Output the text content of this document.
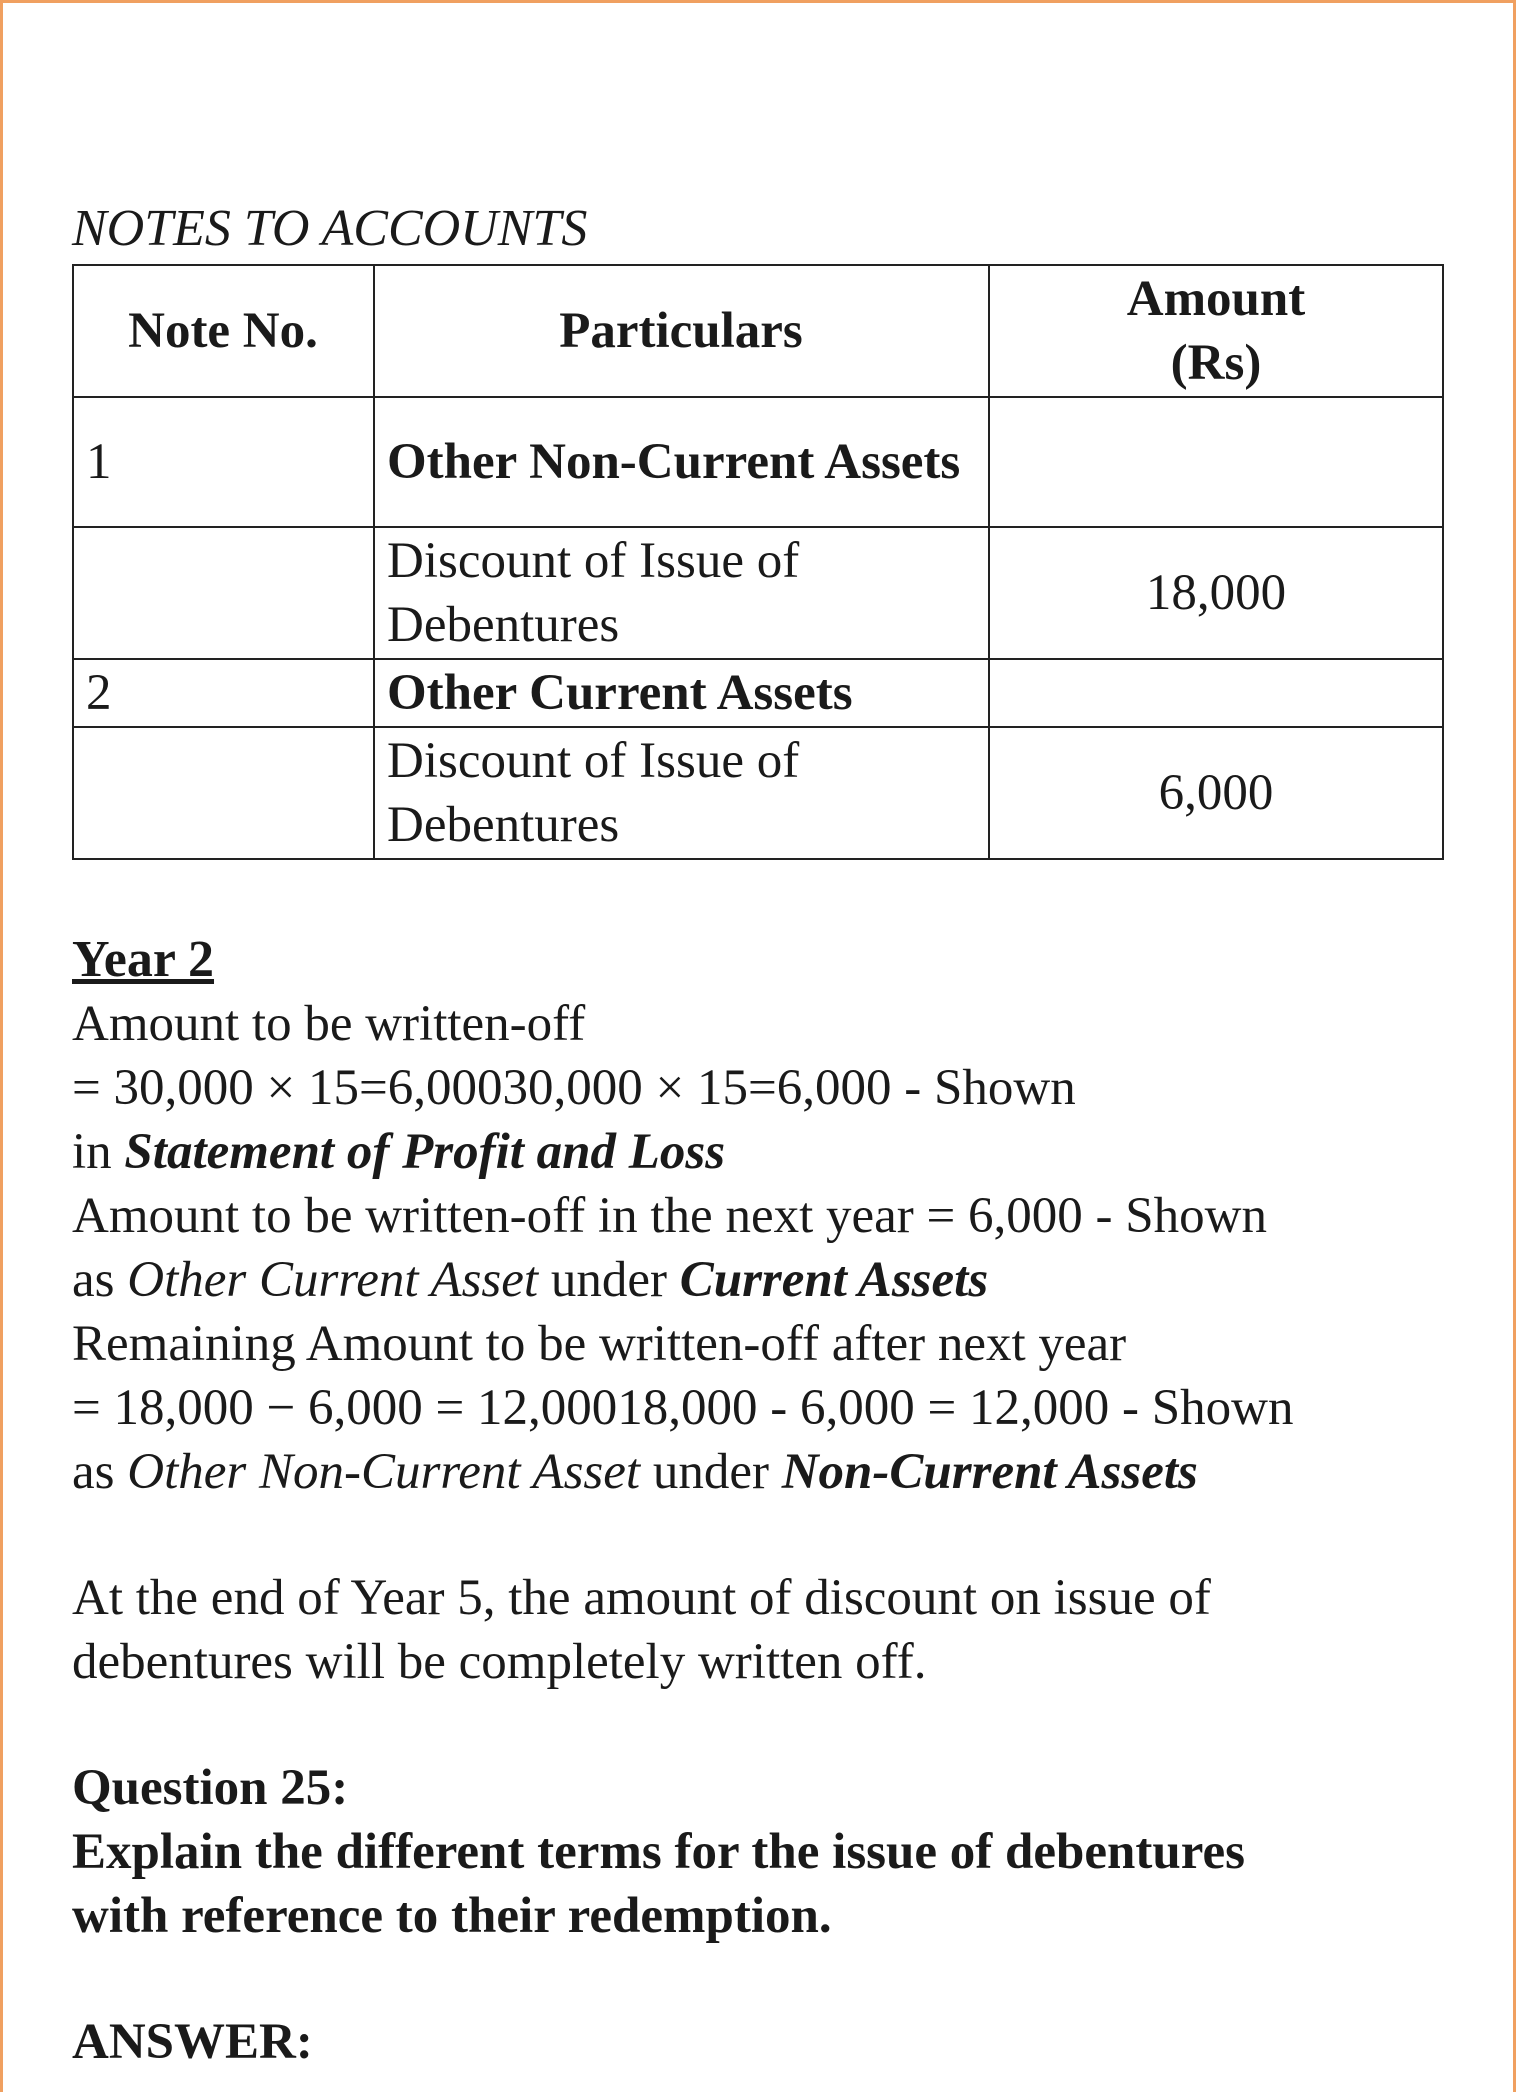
NOTES TO ACCOUNTS
Note No.	Particulars	Amount
(Rs)
1	Other Non-Current Assets	
	Discount of Issue of Debentures	18,000
2	Other Current Assets	
	Discount of Issue of Debentures	6,000
Year 2

Amount to be written-off

= 30,000 × 15=6,00030,000 × 15=6,000 - Shown

in Statement of Profit and Loss

Amount to be written-off in the next year = 6,000 - Shown

as Other Current Asset under Current Assets

Remaining Amount to be written-off after next year

= 18,000 − 6,000 = 12,00018,000 - 6,000 = 12,000 - Shown

as Other Non-Current Asset under Non-Current Assets

At the end of Year 5, the amount of discount on issue of

debentures will be completely written off.

Question 25:

Explain the different terms for the issue of debentures

with reference to their redemption.

ANSWER:
